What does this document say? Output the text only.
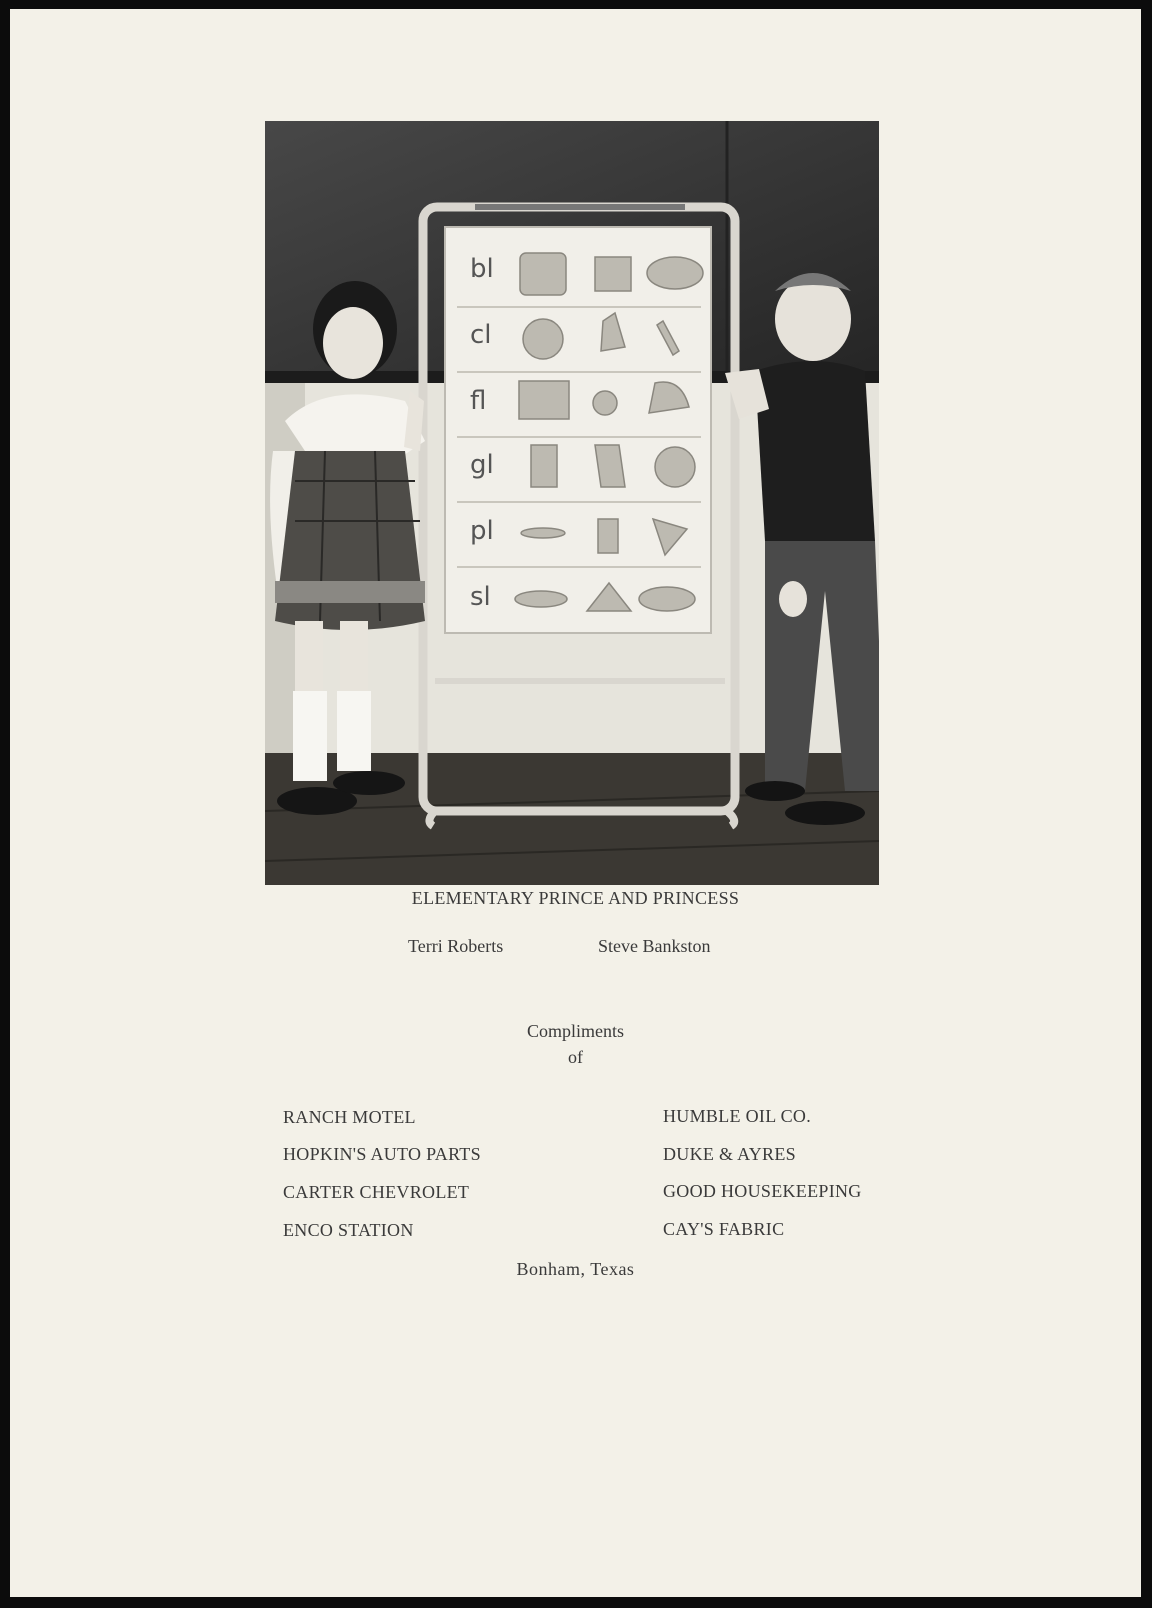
bl
cl
fl
gl
pl
sl
ELEMENTARY PRINCE AND PRINCESS
Terri Roberts	Steve Bankston
Compliments
of
RANCH MOTEL
HOPKIN'S AUTO PARTS
CARTER CHEVROLET
ENCO STATION
HUMBLE OIL CO.
DUKE & AYRES
GOOD HOUSEKEEPING
CAY'S FABRIC
Bonham, Texas
